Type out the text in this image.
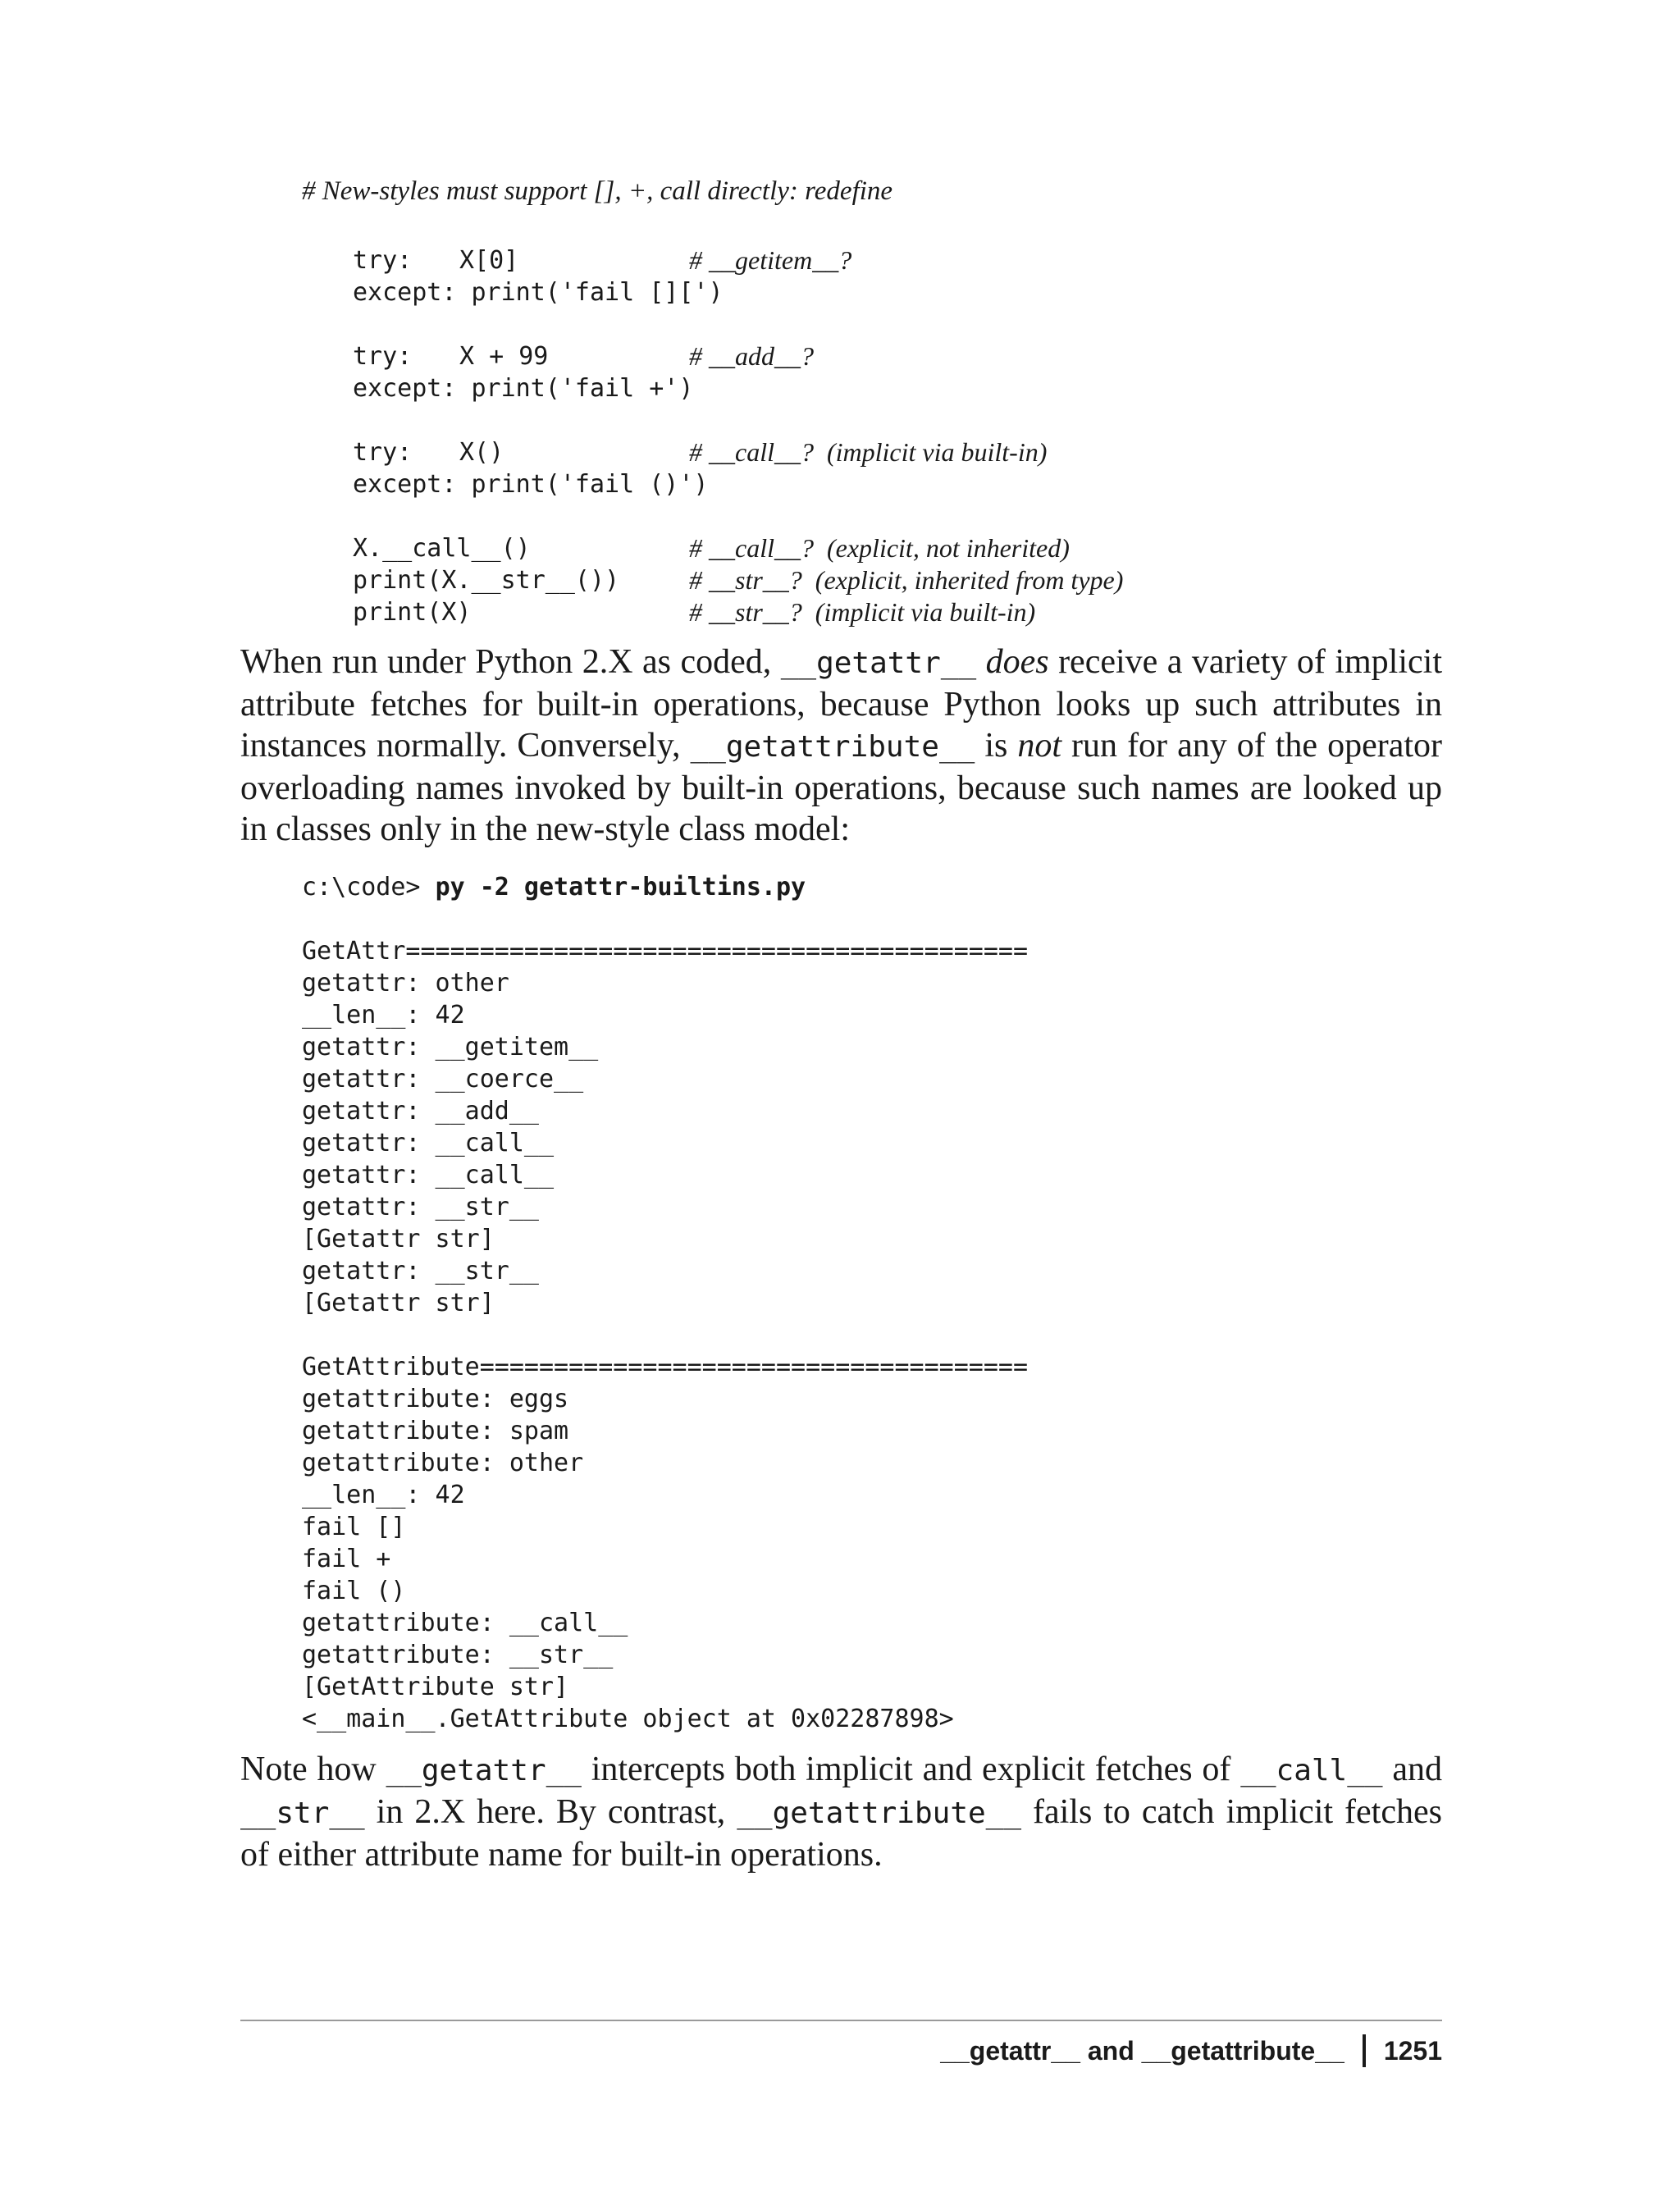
# New-styles must support [], +, call directly: redefine
try: X[0]	# __getitem__?
except: print('fail [][')
try: X + 99	# __add__?
except: print('fail +')
try: X()	# __call__?  (implicit via built-in)
except: print('fail ()')
X.__call__()	# __call__?  (explicit, not inherited)
print(X.__str__())	# __str__?  (explicit, inherited from type)
print(X)	# __str__?  (implicit via built-in)
When run under Python 2.X as coded, __getattr__ does receive a variety of implicit attribute fetches for built-in operations, because Python looks up such attributes in instances normally. Conversely, __getattribute__ is not run for any of the operator overloading names invoked by built-in operations, because such names are looked up in classes only in the new-style class model:
c:\code> py -2 getattr-builtins.py
GetAttr==========================================
getattr: other
__len__: 42
getattr: __getitem__
getattr: __coerce__
getattr: __add__
getattr: __call__
getattr: __call__
getattr: __str__
[Getattr str]
getattr: __str__
[Getattr str]
GetAttribute=====================================
getattribute: eggs
getattribute: spam
getattribute: other
__len__: 42
fail []
fail +
fail ()
getattribute: __call__
getattribute: __str__
[GetAttribute str]
<__main__.GetAttribute object at 0x02287898>
Note how __getattr__ intercepts both implicit and explicit fetches of __call__ and __str__ in 2.X here. By contrast, __getattribute__ fails to catch implicit fetches of either attribute name for built-in operations.
__getattr__ and __getattribute__ 1251
